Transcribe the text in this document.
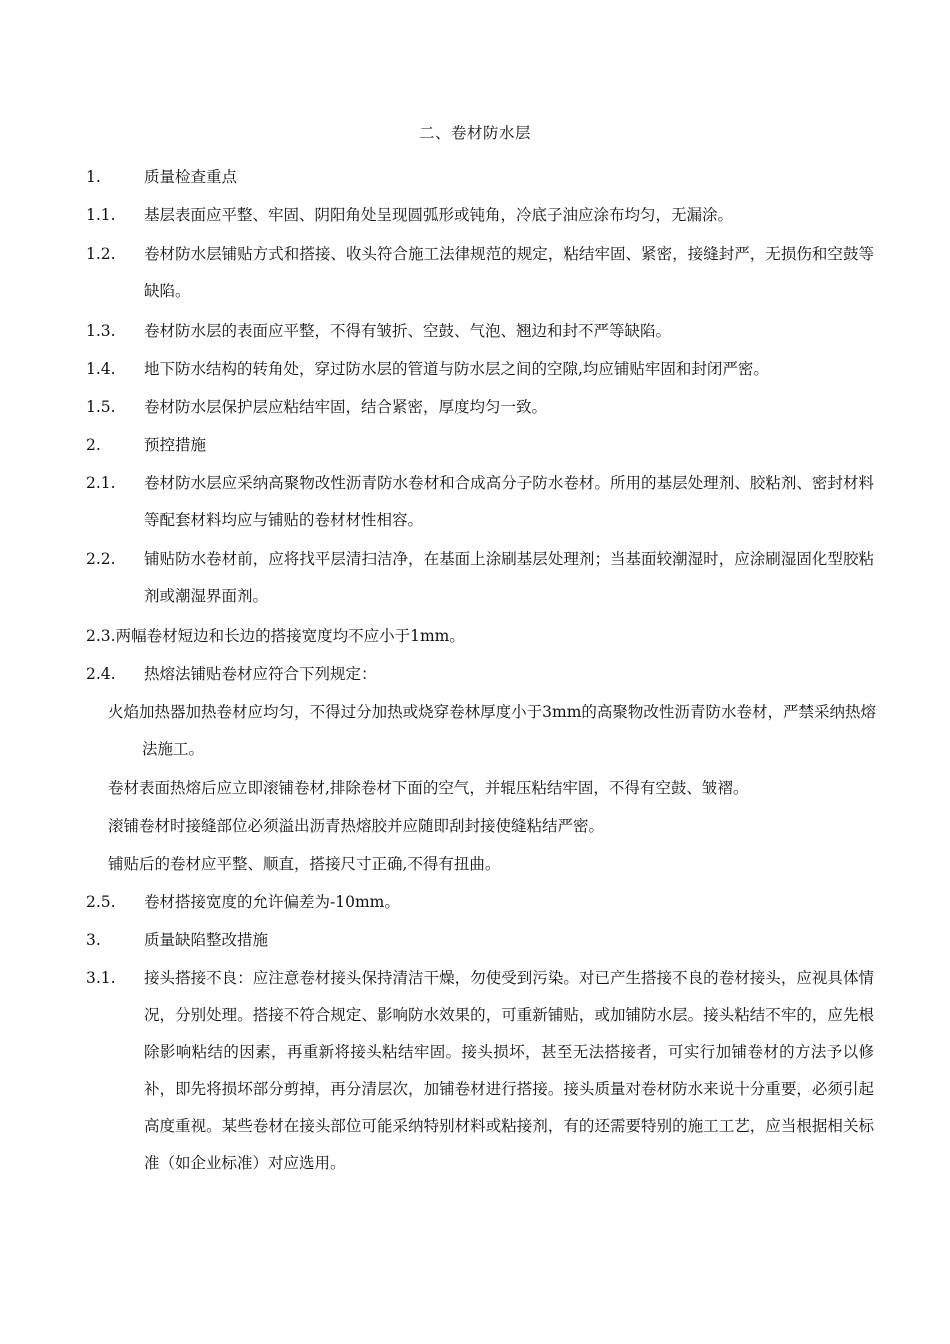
二、卷材防水层
1.	质量检查重点
1.1. 基层表面应平整、牢固、阴阳角处呈现圆弧形或钝角，冷底子油应涂布均匀，无漏涂。
1.2. 卷材防水层铺贴方式和搭接、收头符合施工法律规范的规定，粘结牢固、紧密，接缝封严，无损伤和空鼓等缺陷。
1.3. 卷材防水层的表面应平整，不得有皱折、空鼓、气泡、翘边和封不严等缺陷。
1.4. 地下防水结构的转角处，穿过防水层的管道与防水层之间的空隙,均应铺贴牢固和封闭严密。
1.5. 卷材防水层保护层应粘结牢固，结合紧密，厚度均匀一致。
2.	预控措施
2.1. 卷材防水层应采纳高聚物改性沥青防水卷材和合成高分子防水卷材。所用的基层处理剂、胶粘剂、密封材料等配套材料均应与铺贴的卷材材性相容。
2.2. 铺贴防水卷材前，应将找平层清扫洁净，在基面上涂刷基层处理剂；当基面较潮湿时，应涂刷湿固化型胶粘剂或潮湿界面剂。
2.3.两幅卷材短边和长边的搭接宽度均不应小于1mm。
2.4. 热熔法铺贴卷材应符合下列规定：
火焰加热器加热卷材应均匀，不得过分加热或烧穿卷林厚度小于3mm的高聚物改性沥青防水卷材，严禁采纳热熔法施工。
卷材表面热熔后应立即滚铺卷材,排除卷材下面的空气，并辊压粘结牢固，不得有空鼓、皱褶。
滚铺卷材时接缝部位必须溢出沥青热熔胶并应随即刮封接使缝粘结严密。
铺贴后的卷材应平整、顺直，搭接尺寸正确,不得有扭曲。
2.5. 卷材搭接宽度的允许偏差为-10mm。
3.	质量缺陷整改措施
3.1. 接头搭接不良：应注意卷材接头保持清洁干燥，勿使受到污染。对已产生搭接不良的卷材接头，应视具体情况，分别处理。搭接不符合规定、影响防水效果的，可重新铺贴，或加铺防水层。接头粘结不牢的，应先根除影响粘结的因素，再重新将接头粘结牢固。接头损坏，甚至无法搭接者，可实行加铺卷材的方法予以修补，即先将损坏部分剪掉，再分清层次，加铺卷材进行搭接。接头质量对卷材防水来说十分重要，必须引起高度重视。某些卷材在接头部位可能采纳特别材料或粘接剂，有的还需要特别的施工工艺，应当根据相关标准（如企业标准）对应选用。
